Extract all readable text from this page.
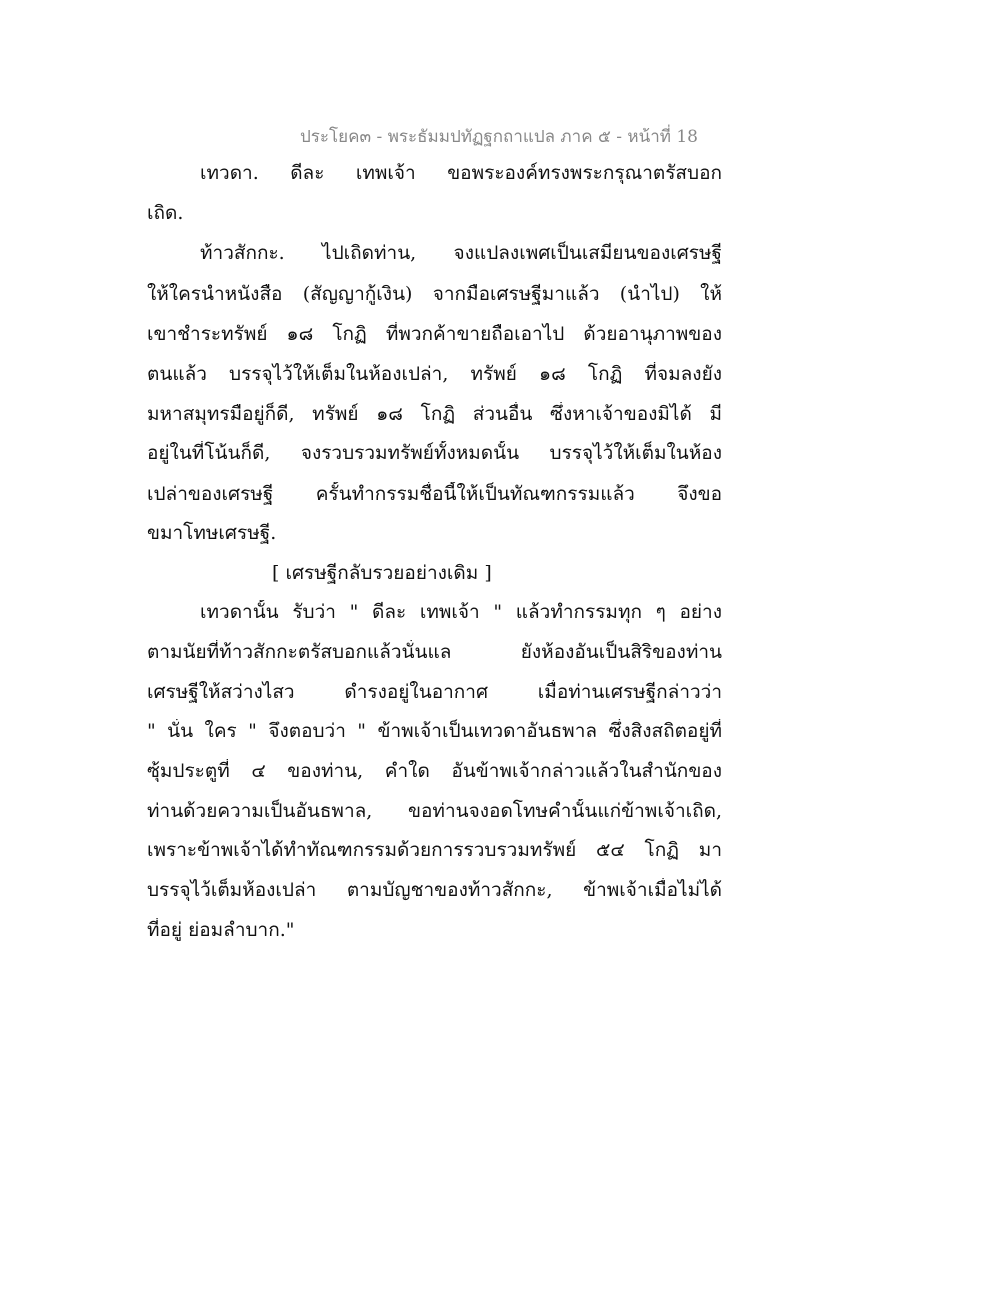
ประโยค๓ - พระธัมมปทัฏฐกถาแปล ภาค ๕ - หน้าที่ 18
เทวดา. ดีละ เทพเจ้า ขอพระองค์ทรงพระกรุณาตรัสบอก
เถิด.
ท้าวสักกะ. ไปเถิดท่าน, จงแปลงเพศเป็นเสมียนของเศรษฐี
ให้ใครนำหนังสือ (สัญญากู้เงิน) จากมือเศรษฐีมาแล้ว (นำไป) ให้
เขาชำระทรัพย์ ๑๘ โกฏิ ที่พวกค้าขายถือเอาไป ด้วยอานุภาพของ
ตนแล้ว บรรจุไว้ให้เต็มในห้องเปล่า, ทรัพย์ ๑๘ โกฏิ ที่จมลงยัง
มหาสมุทรมือยู่ก็ดี, ทรัพย์ ๑๘ โกฏิ ส่วนอื่น ซึ่งหาเจ้าของมิได้ มี
อยู่ในที่โน้นก็ดี, จงรวบรวมทรัพย์ทั้งหมดนั้น บรรจุไว้ให้เต็มในห้อง
เปล่าของเศรษฐี ครั้นทำกรรมชื่อนี้ให้เป็นทัณฑกรรมแล้ว จึงขอ
ขมาโทษเศรษฐี.
[ เศรษฐีกลับรวยอย่างเดิม ]
เทวดานั้น รับว่า " ดีละ เทพเจ้า " แล้วทำกรรมทุก ๆ อย่าง
ตามนัยที่ท้าวสักกะตรัสบอกแล้วนั่นแล ยังห้องอันเป็นสิริของท่าน
เศรษฐีให้สว่างไสว ดำรงอยู่ในอากาศ เมื่อท่านเศรษฐีกล่าวว่า
" นั่น ใคร " จึงตอบว่า " ข้าพเจ้าเป็นเทวดาอันธพาล ซึ่งสิงสถิตอยู่ที่
ซุ้มประตูที่ ๔ ของท่าน, คำใด อันข้าพเจ้ากล่าวแล้วในสำนักของ
ท่านด้วยความเป็นอันธพาล, ขอท่านจงอดโทษคำนั้นแก่ข้าพเจ้าเถิด,
เพราะข้าพเจ้าได้ทำทัณฑกรรมด้วยการรวบรวมทรัพย์ ๕๔ โกฏิ มา
บรรจุไว้เต็มห้องเปล่า ตามบัญชาของท้าวสักกะ, ข้าพเจ้าเมื่อไม่ได้
ที่อยู่ ย่อมลำบาก."
